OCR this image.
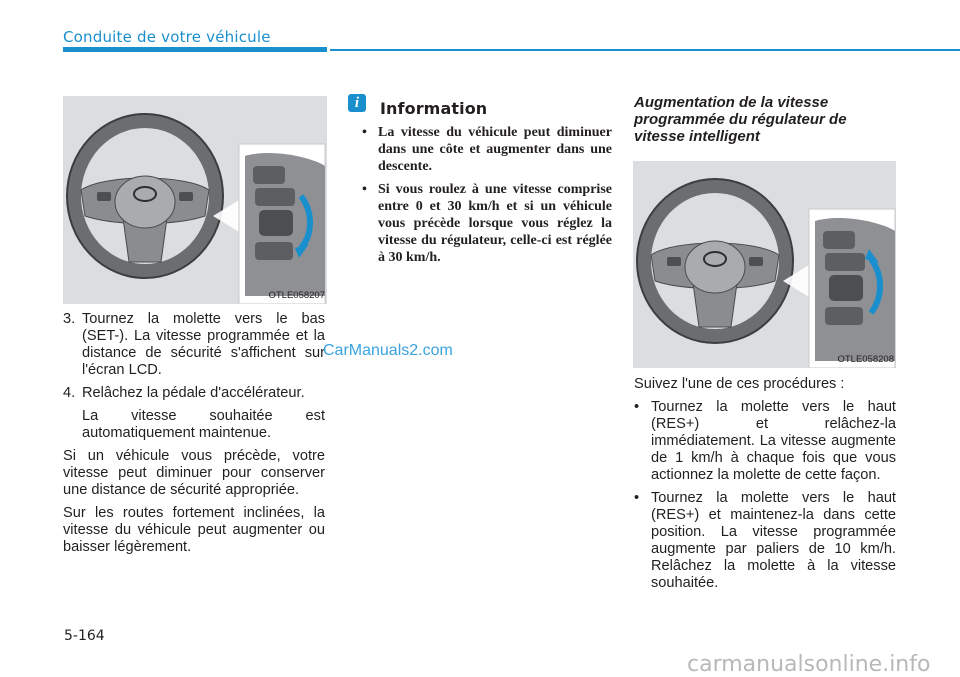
Conduite de votre véhicule
OTLE058207

3. Tournez la molette vers le bas (SET-). La vitesse programmée et la distance de sécurité s'affichent sur l'écran LCD.

4. Relâchez la pédale d'accélérateur.

La vitesse souhaitée est automatiquement maintenue.

Si un véhicule vous précède, votre vitesse peut diminuer pour conserver une distance de sécurité appropriée.

Sur les routes fortement inclinées, la vitesse du véhicule peut augmenter ou baisser légèrement.

i	Information
• La vitesse du véhicule peut diminuer dans une côte et augmenter dans une descente.
• Si vous roulez à une vitesse comprise entre 0 et 30 km/h et si un véhicule vous précède lorsque vous réglez la vitesse du régulateur, celle-ci est réglée à 30 km/h.
Augmentation de la vitesse programmée du régulateur de vitesse intelligent
OTLE058208

Suivez l'une de ces procédures :

• Tournez la molette vers le haut (RES+) et relâchez-la immédiatement. La vitesse augmente de 1 km/h à chaque fois que vous actionnez la molette de cette façon.
• Tournez la molette vers le haut (RES+) et maintenez-la dans cette position. La vitesse programmée augmente par paliers de 10 km/h. Relâchez la molette à la vitesse souhaitée.
5-164
CarManuals2.com
carmanualsonline.info
